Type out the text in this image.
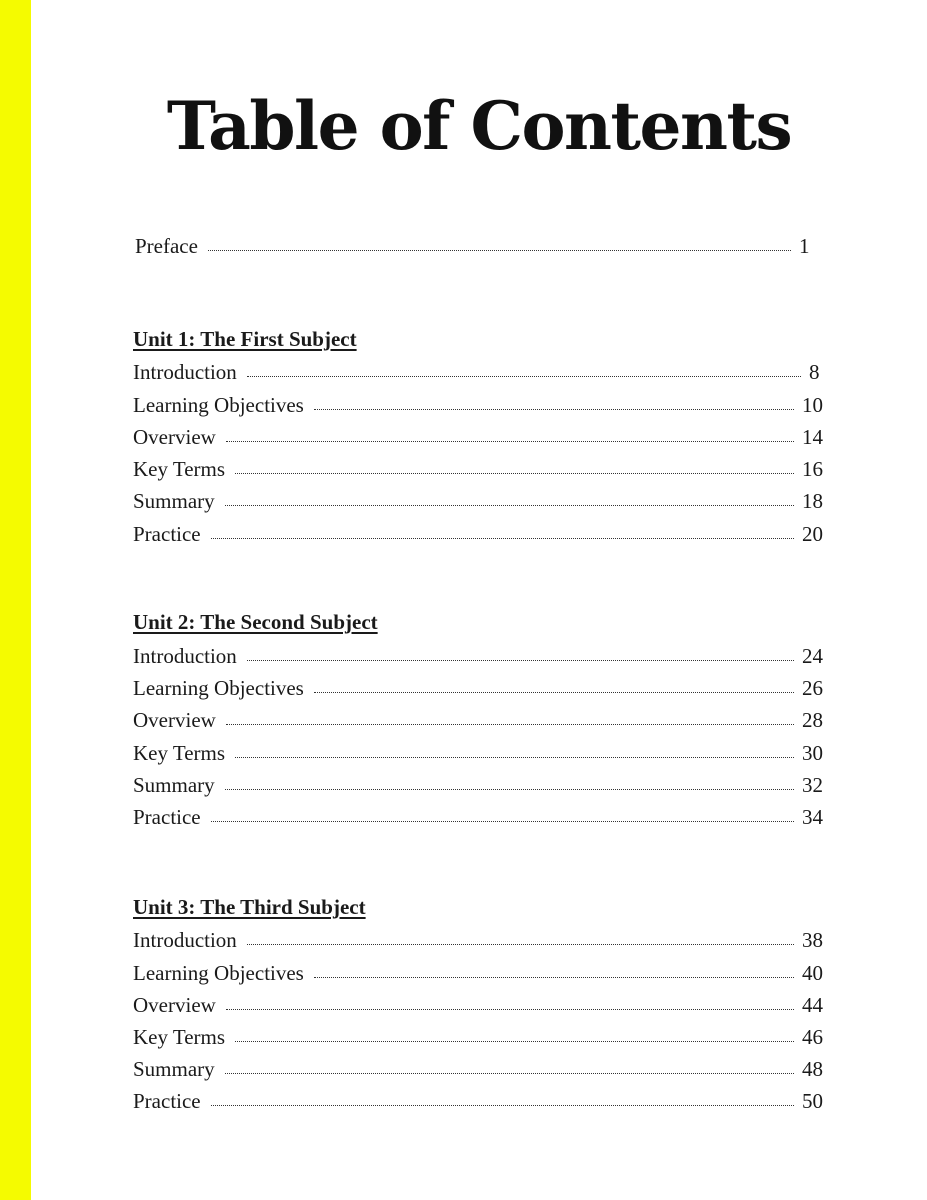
Table of Contents
Preface	1
Unit 1: The First Subject
Introduction	8
Learning Objectives	10
Overview	14
Key Terms	16
Summary	18
Practice	20
Unit 2: The Second Subject
Introduction	24
Learning Objectives	26
Overview	28
Key Terms	30
Summary	32
Practice	34
Unit 3: The Third Subject
Introduction	38
Learning Objectives	40
Overview	44
Key Terms	46
Summary	48
Practice	50
